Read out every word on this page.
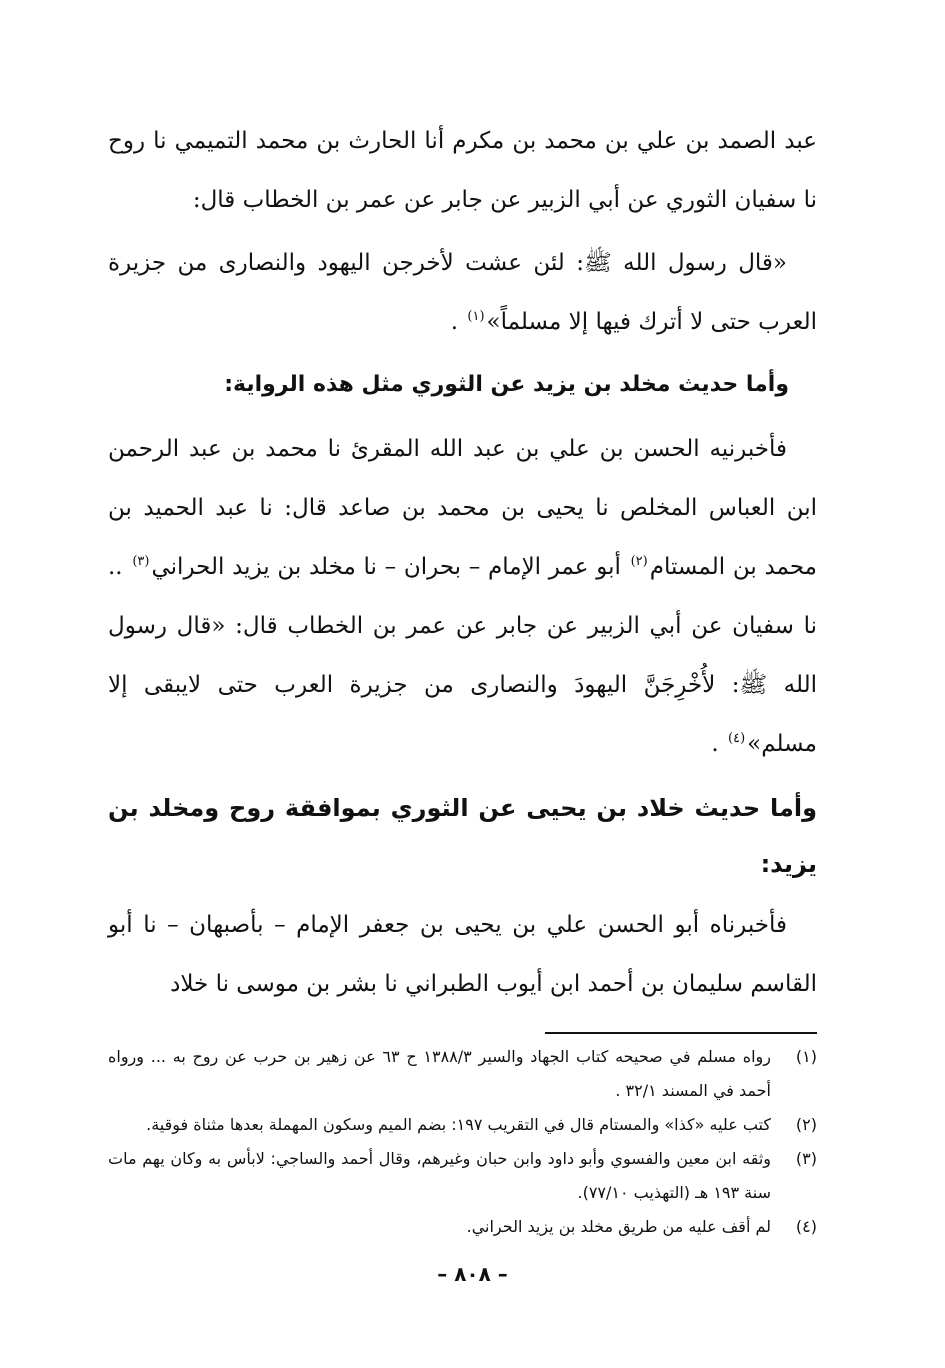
عبد الصمد بن علي بن محمد بن مكرم أنا الحارث بن محمد التميمي نا روح نا سفيان الثوري عن أبي الزبير عن جابر عن عمر بن الخطاب قال:

«قال رسول الله ﷺ: لئن عشت لأخرجن اليهود والنصارى من جزيرة العرب حتى لا أترك فيها إلا مسلماً»$^{(١)}$ .

وأما حديث مخلد بن يزيد عن الثوري مثل هذه الرواية:

فأخبرنيه الحسن بن علي بن عبد الله المقرئ نا محمد بن عبد الرحمن ابن العباس المخلص نا يحيى بن محمد بن صاعد قال: نا عبد الحميد بن محمد بن المستام$^{(٢)}$ أبو عمر الإمام – بحران – نا مخلد بن يزيد الحراني$^{(٣)}$ .. نا سفيان عن أبي الزبير عن جابر عن عمر بن الخطاب قال: «قال رسول الله ﷺ: لأُخْرِجَنَّ اليهودَ والنصارى من جزيرة العرب حتى لايبقى إلا مسلم»$^{(٤)}$ .

وأما حديث خلاد بن يحيى عن الثوري بموافقة روح ومخلد بن يزيد:

فأخبرناه أبو الحسن علي بن يحيى بن جعفر الإمام – بأصبهان – نا أبو القاسم سليمان بن أحمد ابن أيوب الطبراني نا بشر بن موسى نا خلاد

(١)
رواه مسلم في صحيحه كتاب الجهاد والسير ١٣٨٨/٣ ح ٦٣ عن زهير بن حرب عن روح به ... ورواه أحمد في المسند ٣٢/١ .
(٢)
كتب عليه «كذا» والمستام قال في التقريب ١٩٧: بضم الميم وسكون المهملة بعدها مثناة فوقية.
(٣)
وثقه ابن معين والفسوي وأبو داود وابن حبان وغيرهم، وقال أحمد والساجي: لابأس به وكان يهم مات سنة ١٩٣ هـ (التهذيب ٧٧/١٠).
(٤)
لم أقف عليه من طريق مخلد بن يزيد الحراني.
– ٨٠٨ –
